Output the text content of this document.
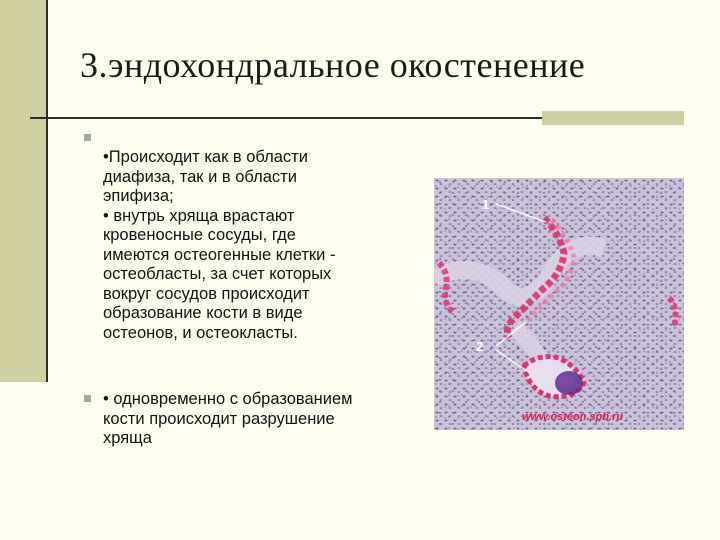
3.эндохондральное окостенение
•Происходит как в области
диафиза, так и в области
эпифиза;
• внутрь хряща врастают
кровеносные сосуды, где
имеются остеогенные клетки -
остеобласты, за счет которых
вокруг сосудов происходит
образование кости в виде
остеонов, и остеокласты.
• одновременно с образованием
кости происходит разрушение
хряща
1
2
www.osteon.spb.ru
